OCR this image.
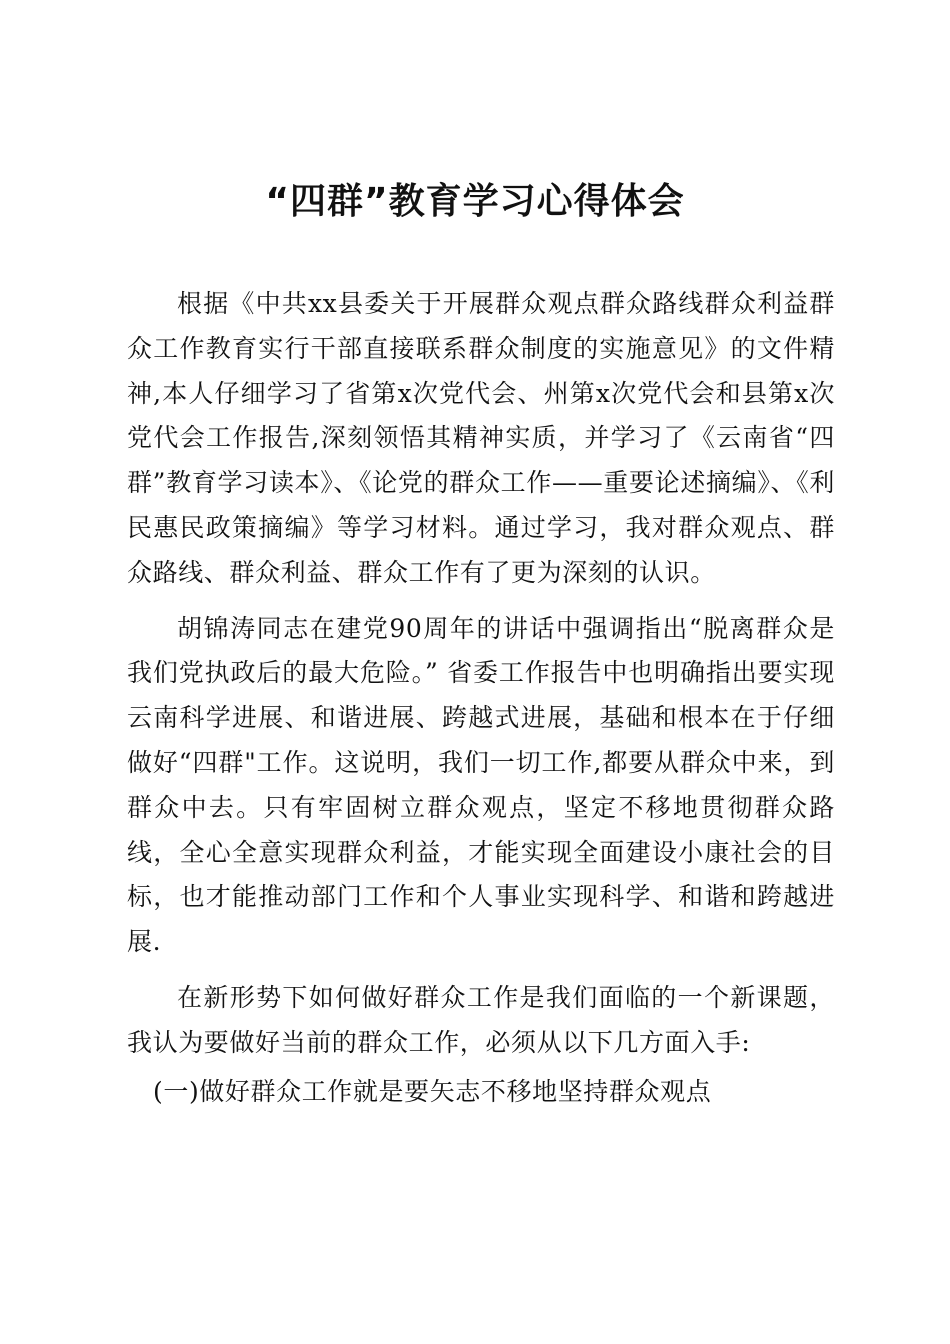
“四群”教育学习心得体会

根据《中共xx县委关于开展群众观点群众路线群众利益群众工作教育实行干部直接联系群众制度的实施意见》的文件精神,本人仔细学习了省第x次党代会、州第x次党代会和县第x次党代会工作报告,深刻领悟其精神实质，并学习了《云南省“四群”教育学习读本》、《论党的群众工作——重要论述摘编》、《利民惠民政策摘编》等学习材料。通过学习，我对群众观点、群众路线、群众利益、群众工作有了更为深刻的认识。

胡锦涛同志在建党90周年的讲话中强调指出“脱离群众是我们党执政后的最大危险。” 省委工作报告中也明确指出要实现云南科学进展、和谐进展、跨越式进展，基础和根本在于仔细做好“四群"工作。这说明，我们一切工作,都要从群众中来，到群众中去。只有牢固树立群众观点，坚定不移地贯彻群众路线，全心全意实现群众利益，才能实现全面建设小康社会的目标，也才能推动部门工作和个人事业实现科学、和谐和跨越进展.

在新形势下如何做好群众工作是我们面临的一个新课题，我认为要做好当前的群众工作，必须从以下几方面入手:

(一)做好群众工作就是要矢志不移地坚持群众观点
